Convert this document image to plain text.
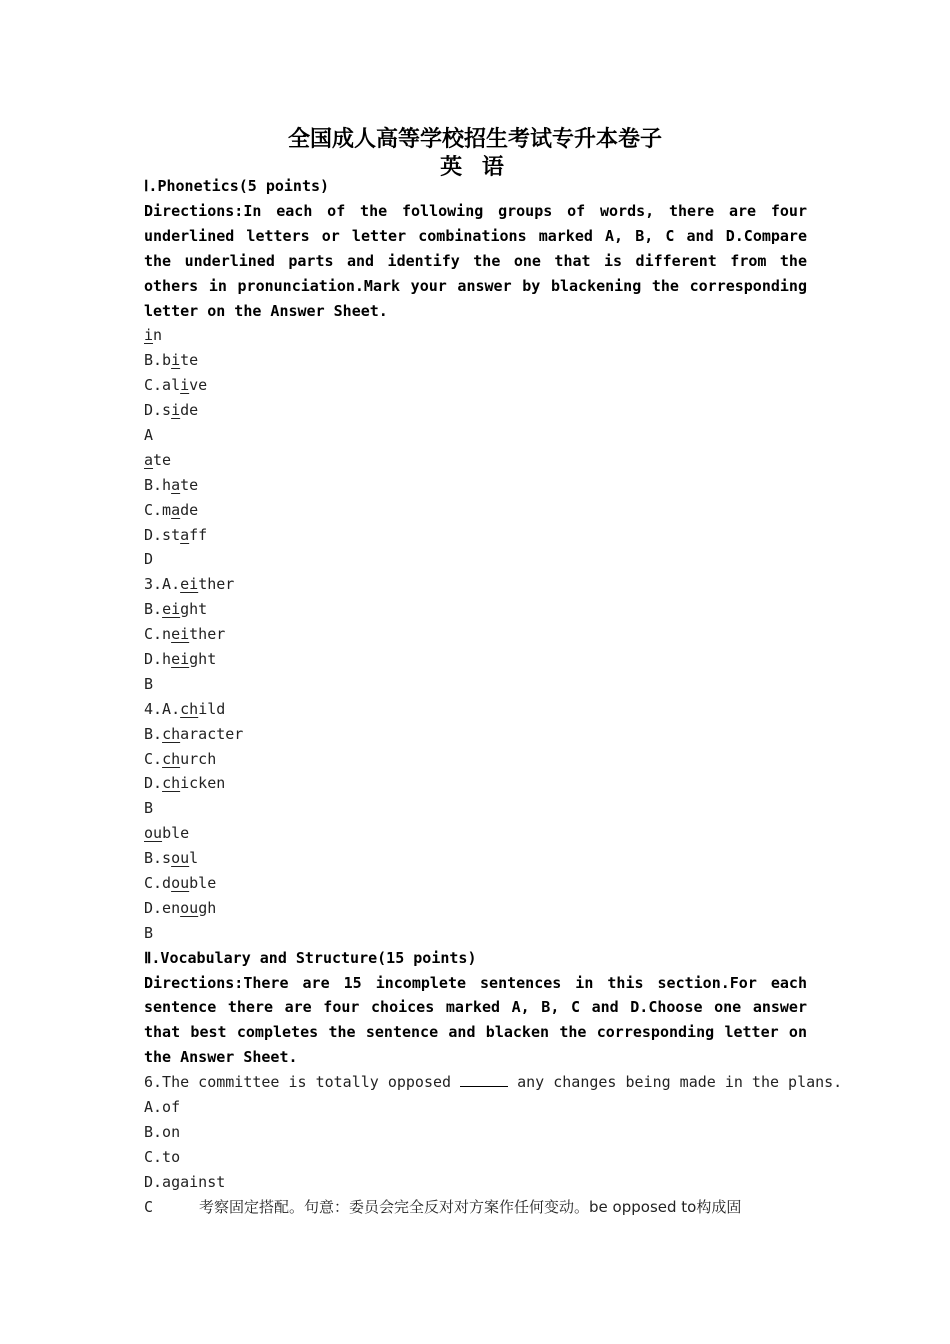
全国成人高等学校招生考试专升本卷子
英 语
Ⅰ.Phonetics(5 points)

Directions:In each of the following groups of words, there are four underlined letters or letter combinations marked A, B, C and D.Compare the underlined parts and identify the one that is different from the others in pronunciation.Mark your answer by blackening the corresponding letter on the Answer Sheet.

in
B.bite
C.alive
D.side
A
ate
B.hate
C.made
D.staff
D
3.A.either
B.eight
C.neither
D.height
B
4.A.child
B.character
C.church
D.chicken
B
ouble
B.soul
C.double
D.enough
B
Ⅱ.Vocabulary and Structure(15 points)

Directions:There are 15 incomplete sentences in this section.For each sentence there are four choices marked A, B, C and D.Choose one answer that best completes the sentence and blacken the corresponding letter on the Answer Sheet.

6.The committee is totally opposed	any changes being made in the plans.
A.of
B.on
C.to
D.against
C	考察固定搭配。句意：委员会完全反对对方案作任何变动。be opposed to构成固
